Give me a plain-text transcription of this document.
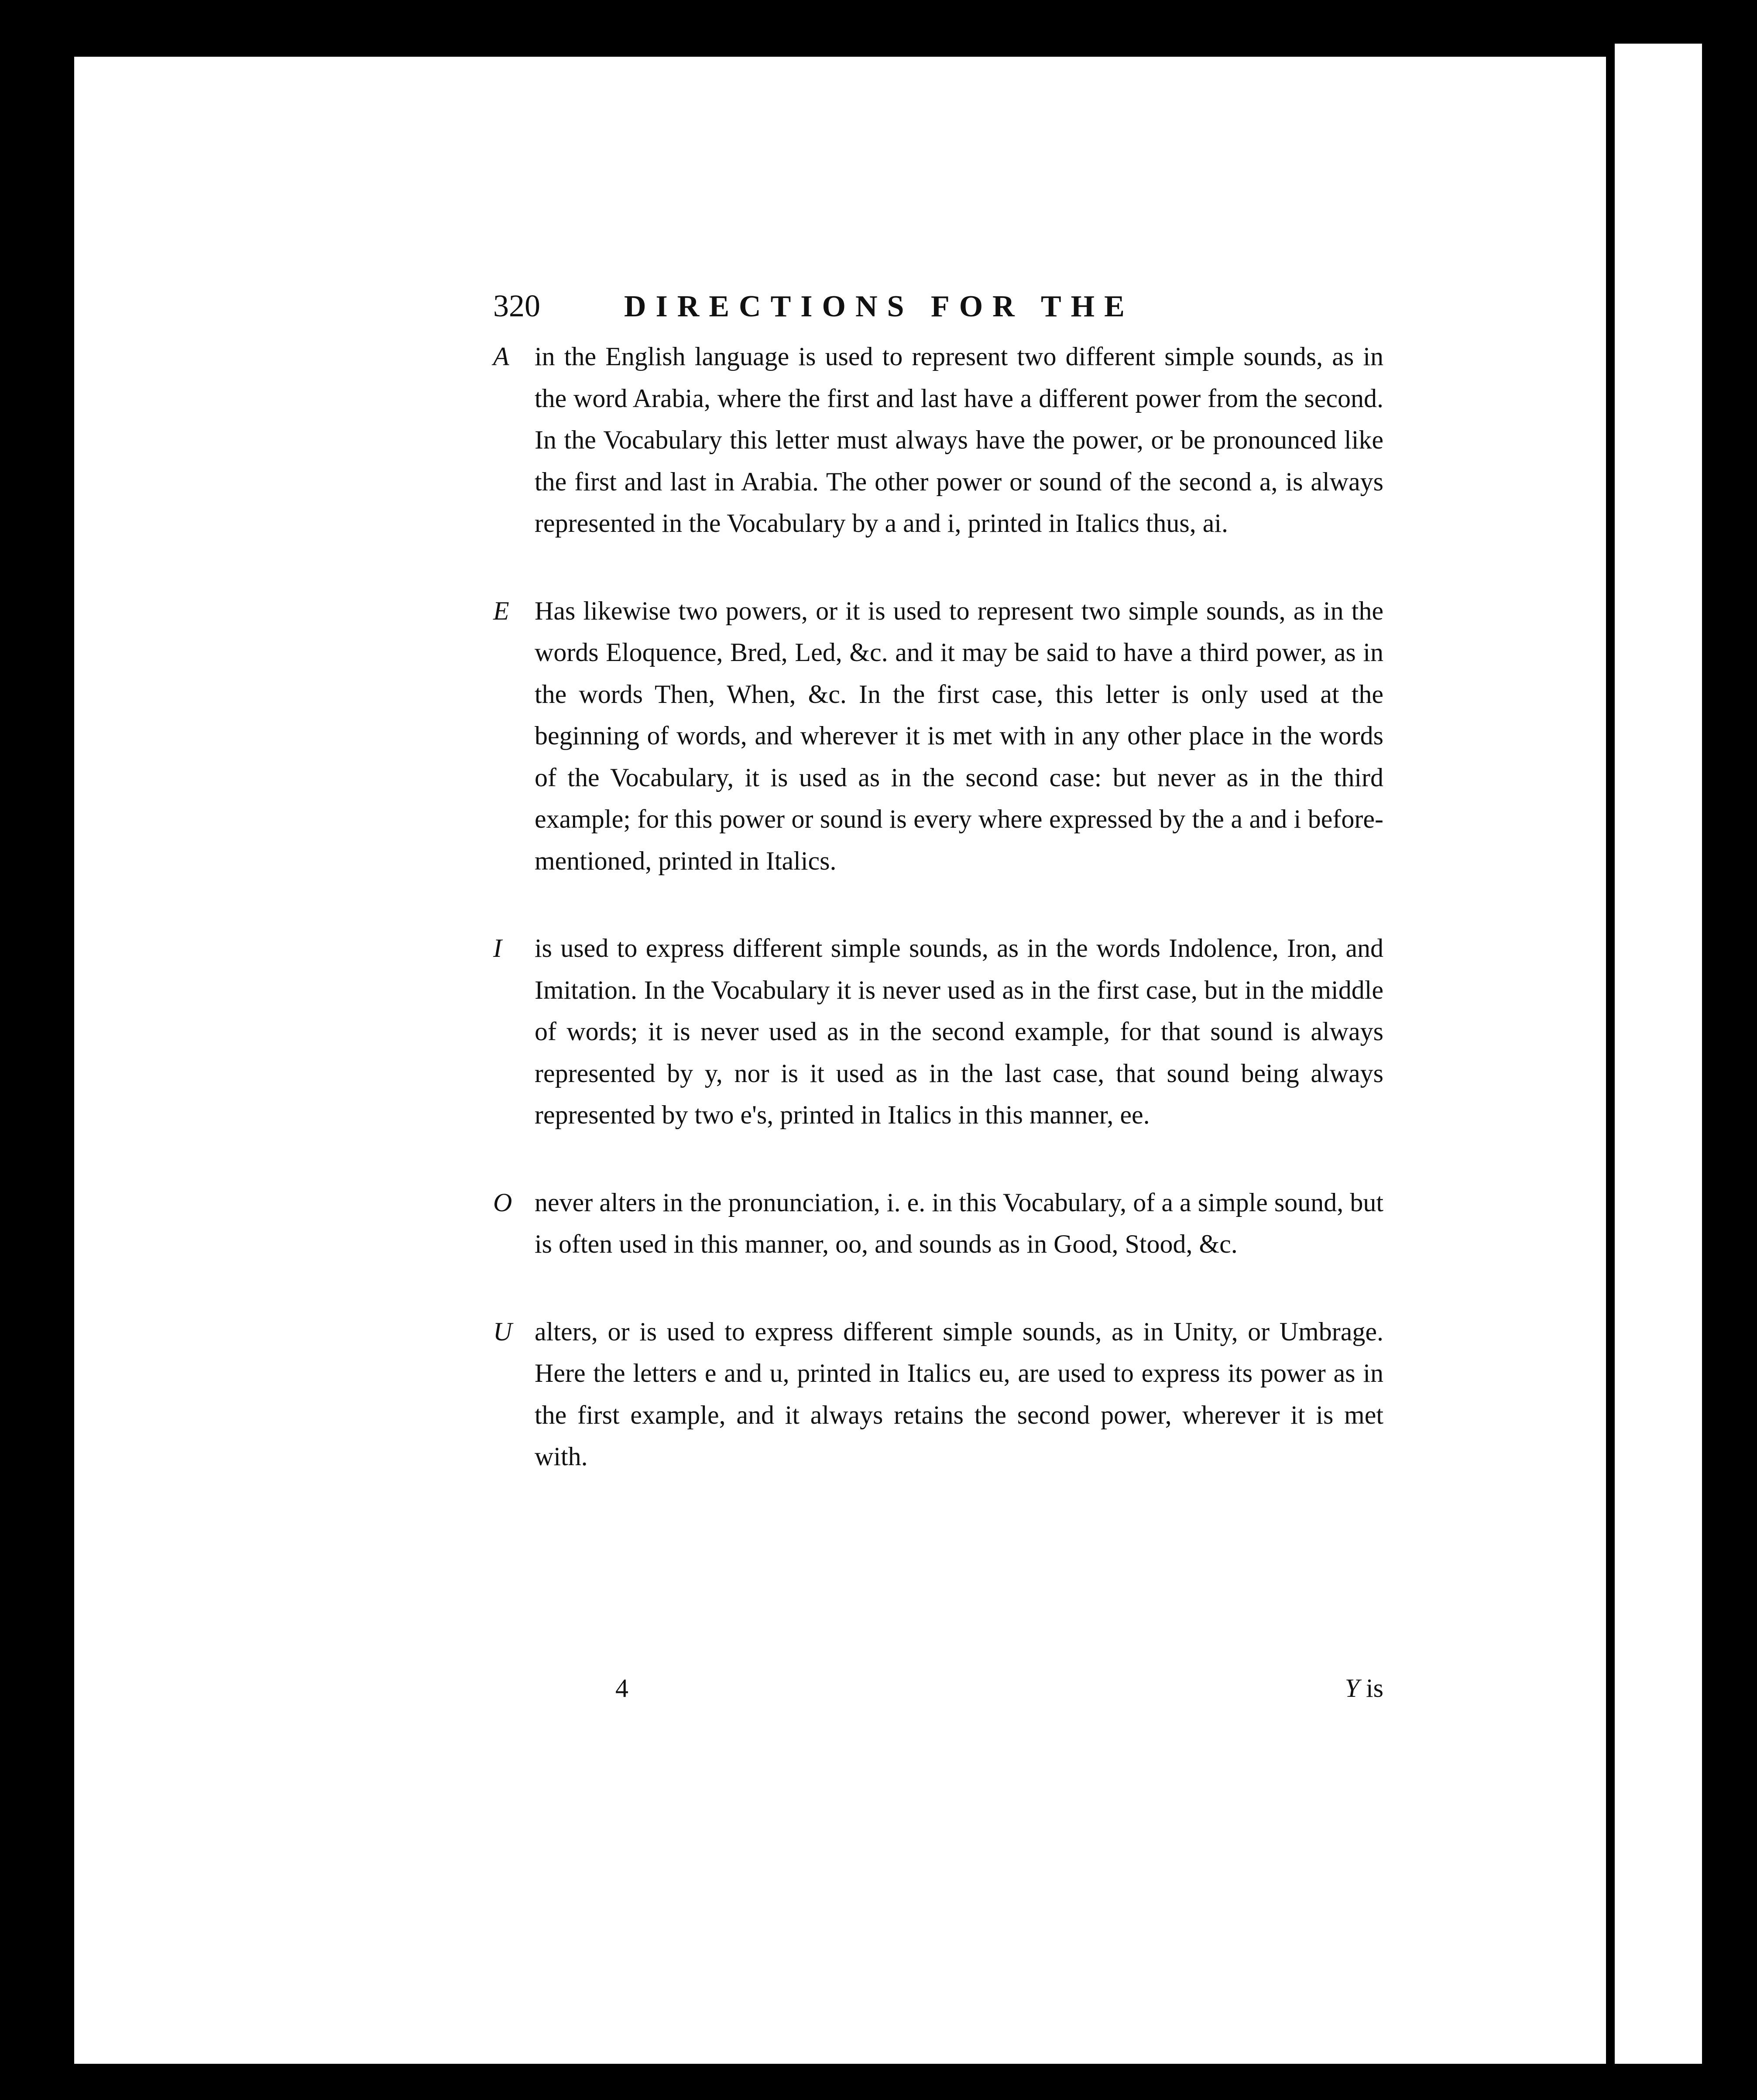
320	DIRECTIONS FOR THE

A in the English language is used to represent two different simple sounds, as in the word Arabia, where the first and last have a different power from the second. In the Vocabulary this letter must always have the power, or be pronounced like the first and last in Arabia. The other power or sound of the second a, is always represented in the Vocabulary by a and i, printed in Italics thus, ai.

E Has likewise two powers, or it is used to represent two simple sounds, as in the words Eloquence, Bred, Led, &c. and it may be said to have a third power, as in the words Then, When, &c. In the first case, this letter is only used at the beginning of words, and wherever it is met with in any other place in the words of the Vocabulary, it is used as in the second case: but never as in the third example; for this power or sound is every where expressed by the a and i before-mentioned, printed in Italics.

I is used to express different simple sounds, as in the words Indolence, Iron, and Imitation. In the Vocabulary it is never used as in the first case, but in the middle of words; it is never used as in the second example, for that sound is always represented by y, nor is it used as in the last case, that sound being always represented by two e's, printed in Italics in this manner, ee.

O never alters in the pronunciation, i. e. in this Vocabulary, of a a simple sound, but is often used in this manner, oo, and sounds as in Good, Stood, &c.

U alters, or is used to express different simple sounds, as in Unity, or Umbrage. Here the letters e and u, printed in Italics eu, are used to express its power as in the first example, and it always retains the second power, wherever it is met with.

4	Y is
